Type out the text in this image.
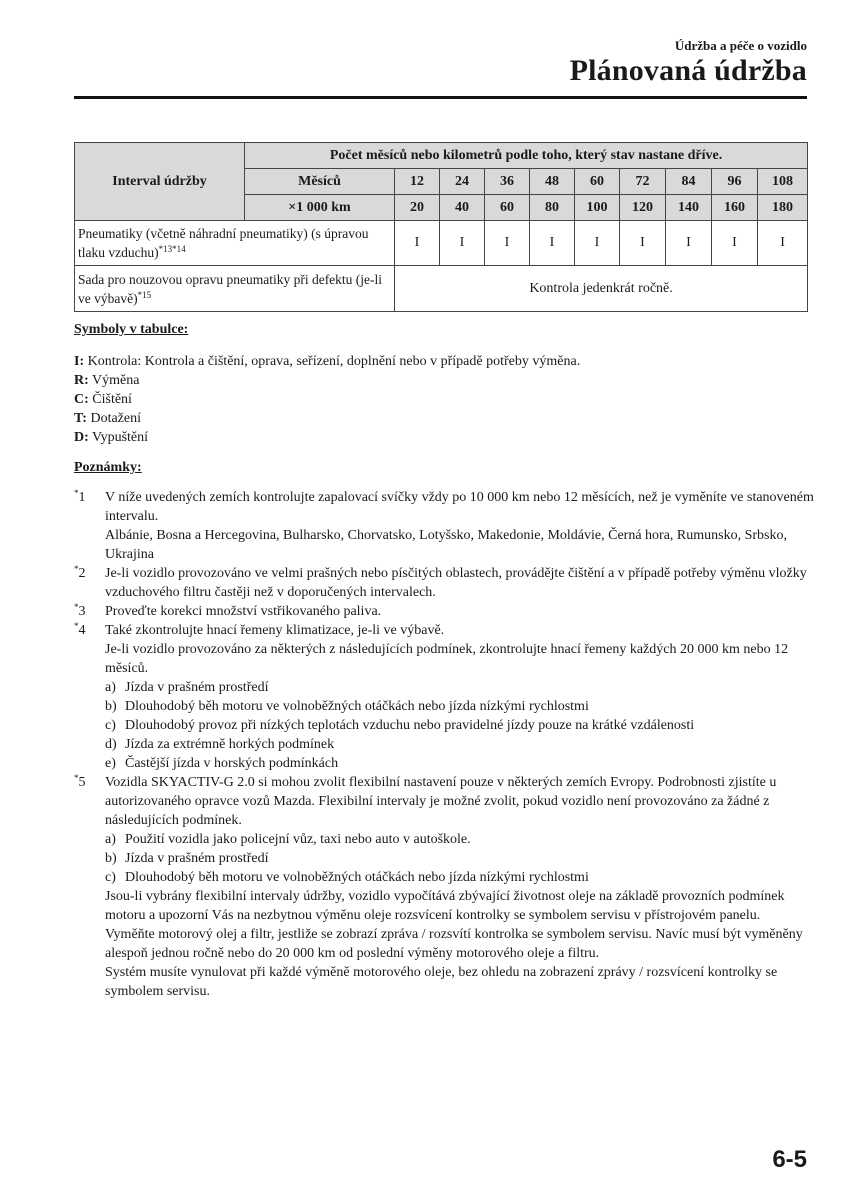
Údržba a péče o vozidlo
Plánovaná údržba
Interval údržby	Počet měsíců nebo kilometrů podle toho, který stav nastane dříve.									
	Měsíců	12	24	36	48	60	72	84	96	108
	×1 000 km	20	40	60	80	100	120	140	160	180
Pneumatiky (včetně náhradní pneumatiky) (s úpravou tlaku vzduchu)$^{*13*14}$		I	I	I	I	I	I	I	I	I
Sada pro nouzovou opravu pneumatiky při defektu (je-li ve výbavě)$^{*15}$		Kontrola jedenkrát ročně.								
Symboly v tabulce:
I: Kontrola: Kontrola a čištění, oprava, seřízení, doplnění nebo v případě potřeby výměna.
R: Výměna
C: Čištění
T: Dotažení
D: Vypuštění
Poznámky:
*1 V níže uvedených zemích kontrolujte zapalovací svíčky vždy po 10 000 km nebo 12 měsících, než je vyměníte ve stanoveném intervalu.

Albánie, Bosna a Hercegovina, Bulharsko, Chorvatsko, Lotyšsko, Makedonie, Moldávie, Černá hora, Rumunsko, Srbsko, Ukrajina

*2 Je-li vozidlo provozováno ve velmi prašných nebo písčitých oblastech, provádějte čištění a v případě potřeby výměnu vložky vzduchového filtru častěji než v doporučených intervalech.

*3 Proveďte korekci množství vstřikovaného paliva.

*4 Také zkontrolujte hnací řemeny klimatizace, je-li ve výbavě.

Je-li vozidlo provozováno za některých z následujících podmínek, zkontrolujte hnací řemeny každých 20 000 km nebo 12 měsíců.

a) Jízda v prašném prostředí
b) Dlouhodobý běh motoru ve volnoběžných otáčkách nebo jízda nízkými rychlostmi
c) Dlouhodobý provoz při nízkých teplotách vzduchu nebo pravidelné jízdy pouze na krátké vzdálenosti
d) Jízda za extrémně horkých podmínek
e) Častější jízda v horských podmínkách
*5 Vozidla SKYACTIV-G 2.0 si mohou zvolit flexibilní nastavení pouze v některých zemích Evropy. Podrobnosti zjistíte u autorizovaného opravce vozů Mazda. Flexibilní intervaly je možné zvolit, pokud vozidlo není provozováno za žádné z následujících podmínek.

a) Použití vozidla jako policejní vůz, taxi nebo auto v autoškole.
b) Jízda v prašném prostředí
c) Dlouhodobý běh motoru ve volnoběžných otáčkách nebo jízda nízkými rychlostmi

Jsou-li vybrány flexibilní intervaly údržby, vozidlo vypočítává zbývající životnost oleje na základě provozních podmínek motoru a upozorní Vás na nezbytnou výměnu oleje rozsvícení kontrolky se symbolem servisu v přístrojovém panelu.

Vyměňte motorový olej a filtr, jestliže se zobrazí zpráva / rozsvítí kontrolka se symbolem servisu. Navíc musí být vyměněny alespoň jednou ročně nebo do 20 000 km od poslední výměny motorového oleje a filtru.

Systém musíte vynulovat při každé výměně motorového oleje, bez ohledu na zobrazení zprávy / rozsvícení kontrolky se symbolem servisu.

6-5
